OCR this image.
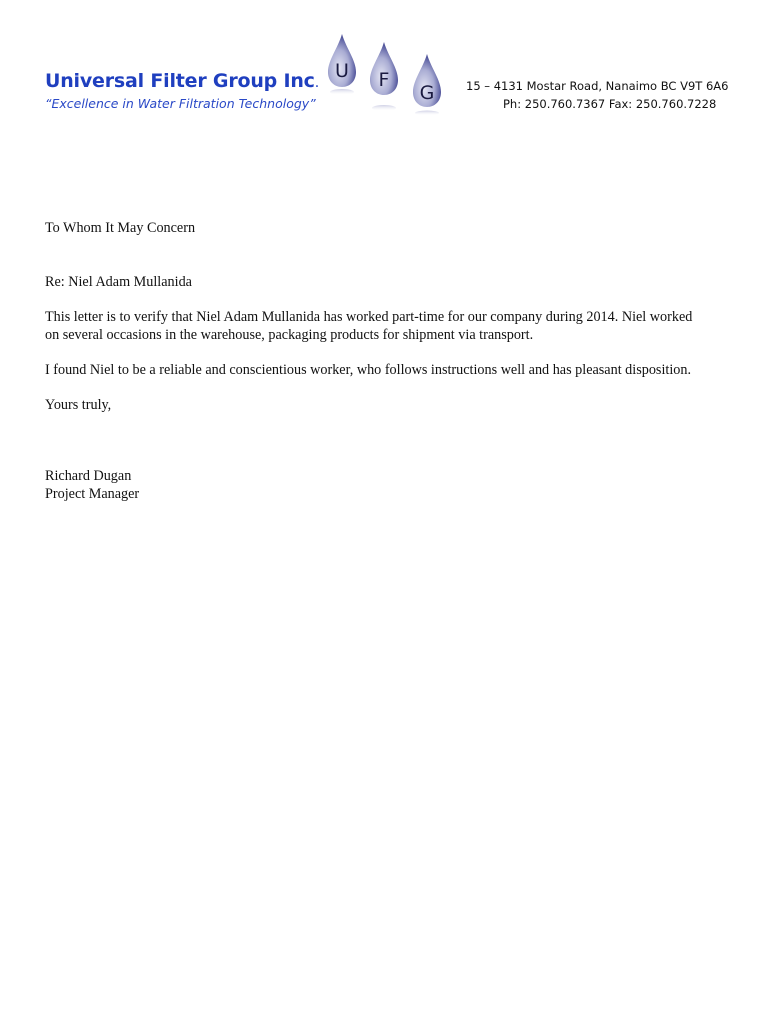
Universal Filter Group Inc.
“Excellence in Water Filtration Technology”
U F
G	15 – 4131 Mostar Road, Nanaimo BC V9T 6A6
Ph: 250.760.7367 Fax: 250.760.7228

To Whom It May Concern

Re: Niel Adam Mullanida

This letter is to verify that Niel Adam Mullanida has worked part-time for our company during 2014. Niel worked on several occasions in the warehouse, packaging products for shipment via transport.

I found Niel to be a reliable and conscientious worker, who follows instructions well and has pleasant disposition.

Yours truly,

Richard Dugan

Project Manager
